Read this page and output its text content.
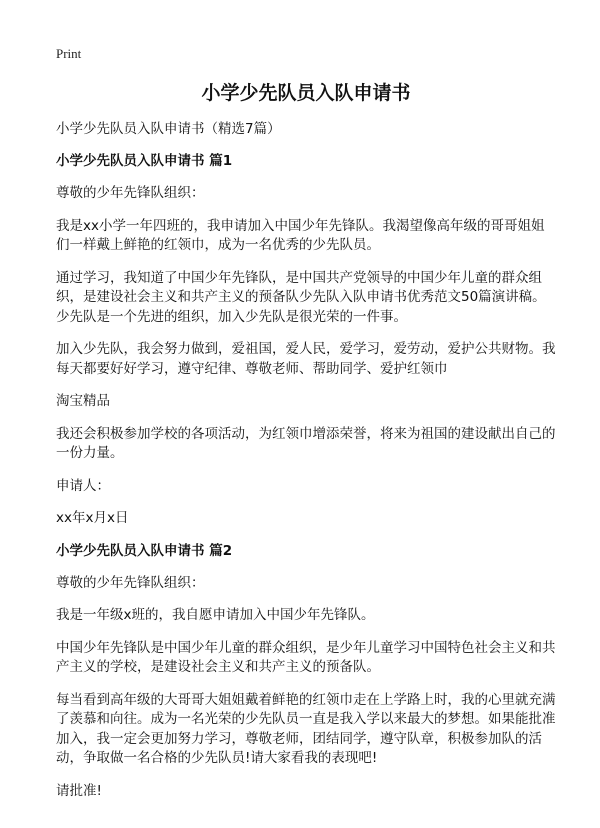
Print
小学少先队员入队申请书
小学少先队员入队申请书（精选7篇）
小学少先队员入队申请书 篇1
尊敬的少年先锋队组织：
我是xx小学一年四班的，我申请加入中国少年先锋队。我渴望像高年级的哥哥姐姐们一样戴上鲜艳的红领巾，成为一名优秀的少先队员。
通过学习，我知道了中国少年先锋队，是中国共产党领导的中国少年儿童的群众组织，是建设社会主义和共产主义的预备队少先队入队申请书优秀范文50篇演讲稿。少先队是一个先进的组织，加入少先队是很光荣的一件事。
加入少先队，我会努力做到，爱祖国，爱人民，爱学习，爱劳动，爱护公共财物。我每天都要好好学习，遵守纪律、尊敬老师、帮助同学、爱护红领巾
淘宝精品
我还会积极参加学校的各项活动，为红领巾增添荣誉，将来为祖国的建设献出自己的一份力量。
申请人：
xx年x月x日
小学少先队员入队申请书 篇2
尊敬的少年先锋队组织：
我是一年级x班的，我自愿申请加入中国少年先锋队。
中国少年先锋队是中国少年儿童的群众组织，是少年儿童学习中国特色社会主义和共产主义的学校，是建设社会主义和共产主义的预备队。
每当看到高年级的大哥哥大姐姐戴着鲜艳的红领巾走在上学路上时，我的心里就充满了羡慕和向往。成为一名光荣的少先队员一直是我入学以来最大的梦想。如果能批准加入，我一定会更加努力学习，尊敬老师，团结同学，遵守队章，积极参加队的活动，争取做一名合格的少先队员!请大家看我的表现吧!
请批准!
